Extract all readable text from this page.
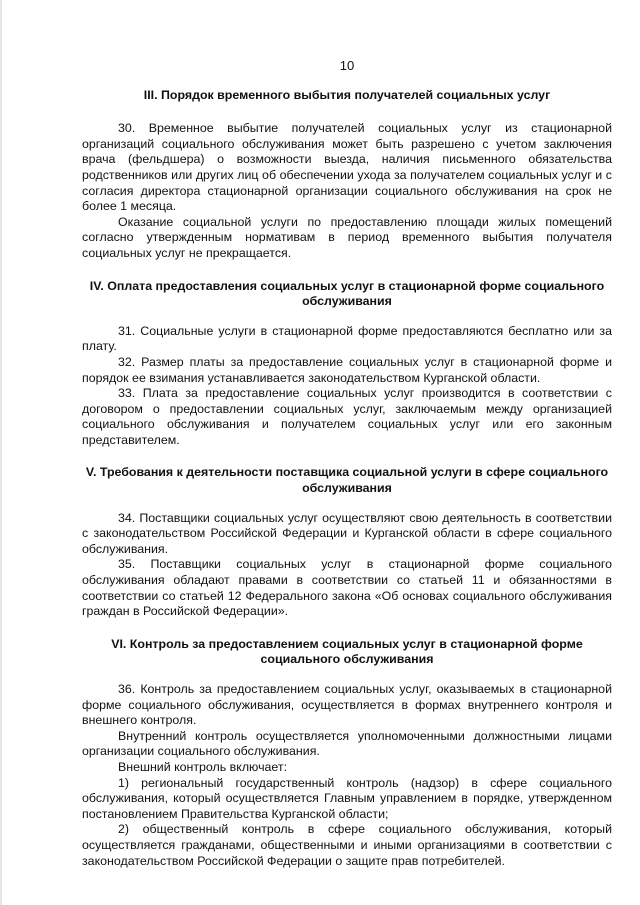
10
III. Порядок временного выбытия получателей социальных услуг

30. Временное выбытие получателей социальных услуг из стационарной организаций социального обслуживания может быть разрешено с учетом заключения врача (фельдшера) о возможности выезда, наличия письменного обязательства родственников или других лиц об обеспечении ухода за получателем социальных услуг и с согласия директора стационарной организации социального обслуживания на срок не более 1 месяца.

Оказание социальной услуги по предоставлению площади жилых помещений согласно утвержденным нормативам в период временного выбытия получателя социальных услуг не прекращается.

IV. Оплата предоставления социальных услуг в стационарной форме социального обслуживания

31. Социальные услуги в стационарной форме предоставляются бесплатно или за плату.

32. Размер платы за предоставление социальных услуг в стационарной форме и порядок ее взимания устанавливается законодательством Курганской области.

33. Плата за предоставление социальных услуг производится в соответствии с договором о предоставлении социальных услуг, заключаемым между организацией социального обслуживания и получателем социальных услуг или его законным представителем.

V. Требования к деятельности поставщика социальной услуги в сфере социального обслуживания

34. Поставщики социальных услуг осуществляют свою деятельность в соответствии с законодательством Российской Федерации и Курганской области в сфере социального обслуживания.

35. Поставщики социальных услуг в стационарной форме социального обслуживания обладают правами в соответствии со статьей 11 и обязанностями в соответствии со статьей 12 Федерального закона «Об основах социального обслуживания граждан в Российской Федерации».

VI. Контроль за предоставлением социальных услуг в стационарной форме социального обслуживания

36. Контроль за предоставлением социальных услуг, оказываемых в стационарной форме социального обслуживания, осуществляется в формах внутреннего контроля и внешнего контроля.

Внутренний контроль осуществляется уполномоченными должностными лицами организации социального обслуживания.

Внешний контроль включает:

1) региональный государственный контроль (надзор) в сфере социального обслуживания, который осуществляется Главным управлением в порядке, утвержденном постановлением Правительства Курганской области;

2) общественный контроль в сфере социального обслуживания, который осуществляется гражданами, общественными и иными организациями в соответствии с законодательством Российской Федерации о защите прав потребителей.
